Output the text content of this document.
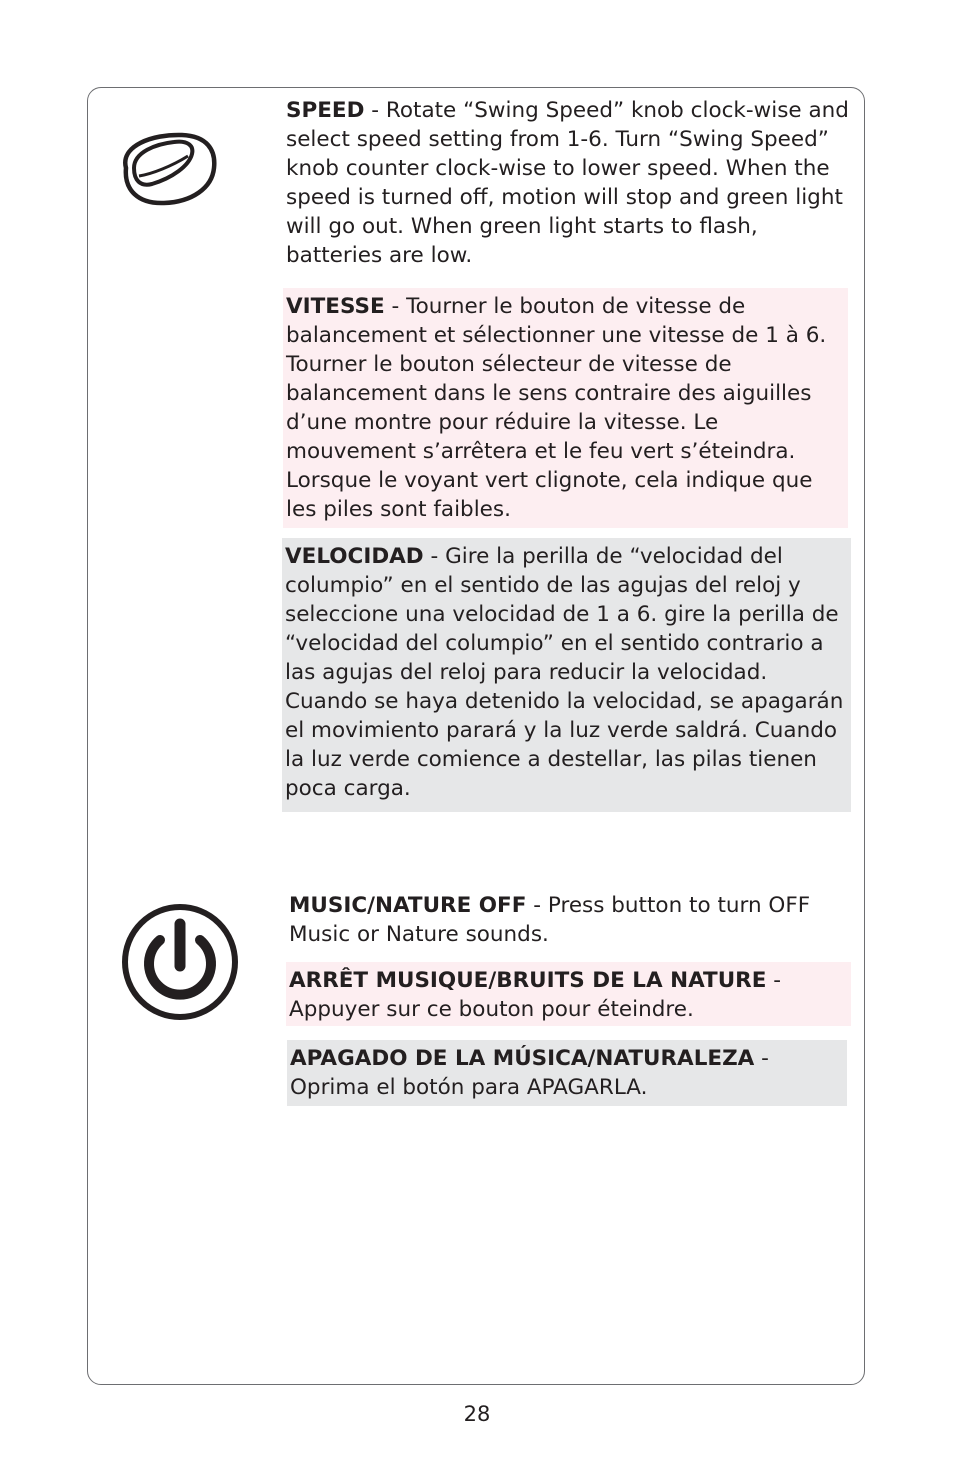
SPEED - Rotate “Swing Speed” knob clock-wise and select speed setting from 1-6. Turn “Swing Speed” knob counter clock-wise to lower speed. When the speed is turned off, motion will stop and green light will go out. When green light starts to flash, batteries are low.
VITESSE - Tourner le bouton de vitesse de balancement et sélectionner une vitesse de 1 à 6. Tourner le bouton sélecteur de vitesse de balancement dans le sens contraire des aiguilles d’une montre pour réduire la vitesse. Le mouvement s’arrêtera et le feu vert s’éteindra. Lorsque le voyant vert clignote, cela indique que les piles sont faibles.
VELOCIDAD - Gire la perilla de “velocidad del columpio” en el sentido de las agujas del reloj y seleccione una velocidad de 1 a 6. gire la perilla de “velocidad del columpio” en el sentido contrario a las agujas del reloj para reducir la velocidad. Cuando se haya detenido la velocidad, se apagarán el movimiento parará y la luz verde saldrá. Cuando la luz verde comience a destellar, las pilas tienen poca carga.
MUSIC/NATURE OFF - Press button to turn OFF Music or Nature sounds.
ARRÊT MUSIQUE/BRUITS DE LA NATURE - Appuyer sur ce bouton pour éteindre.
APAGADO DE LA MÚSICA/NATURALEZA - Oprima el botón para APAGARLA.
28
